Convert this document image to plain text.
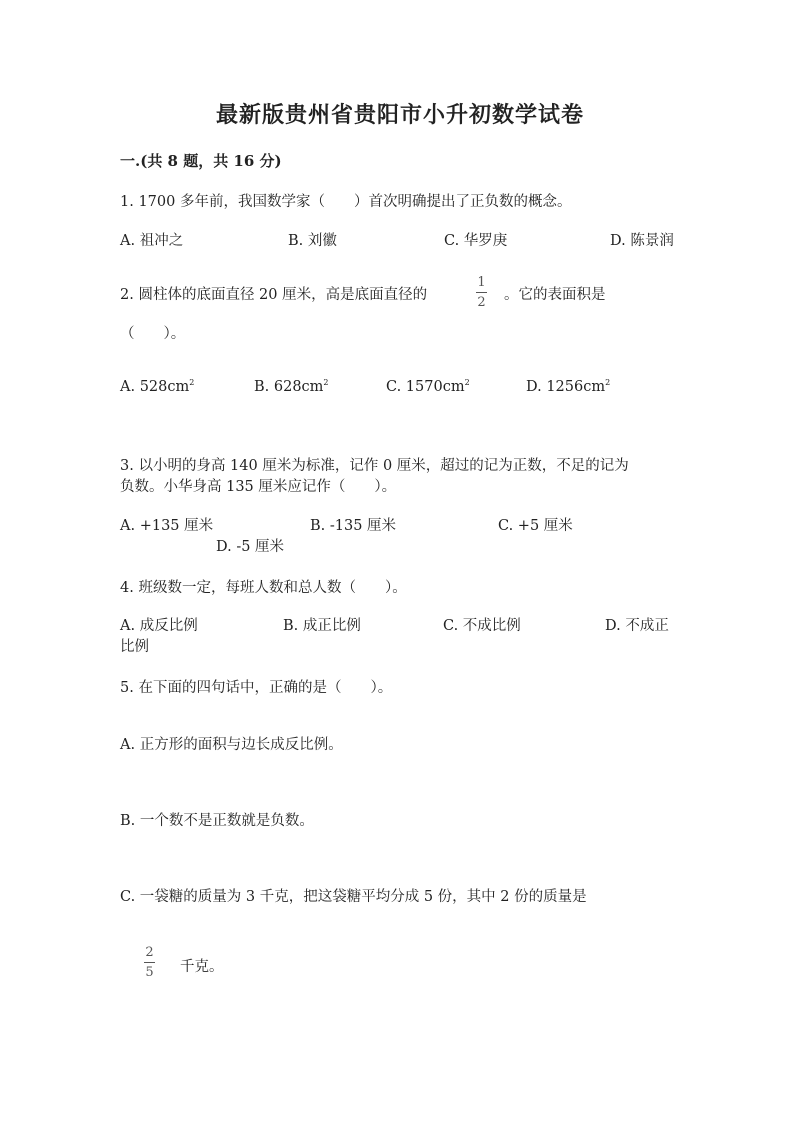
最新版贵州省贵阳市小升初数学试卷
一.(共 8 题，共 16 分)
1. 1700 多年前，我国数学家（　　）首次明确提出了正负数的概念。
A. 祖冲之	B. 刘徽	C. 华罗庚	D. 陈景润
2. 圆柱体的底面直径 20 厘米，高是底面直径的
1
2 。它的表面积是
（　　）。
A. $528cm^2$	B. $628cm^2$	C. $1570cm^2$	D. $1256cm^2$
3. 以小明的身高 140 厘米为标准，记作 0 厘米，超过的记为正数，不足的记为
负数。小华身高 135 厘米应记作（　　）。
A. +135 厘米	B. -135 厘米	C. +5 厘米
D. -5 厘米
4. 班级数一定，每班人数和总人数（　　）。
A. 成反比例	B. 成正比例	C. 不成比例	D. 不成正
比例
5. 在下面的四句话中，正确的是（　　）。
A. 正方形的面积与边长成反比例。
B. 一个数不是正数就是负数。
C. 一袋糖的质量为 3 千克，把这袋糖平均分成 5 份，其中 2 份的质量是
2
5 千克。
